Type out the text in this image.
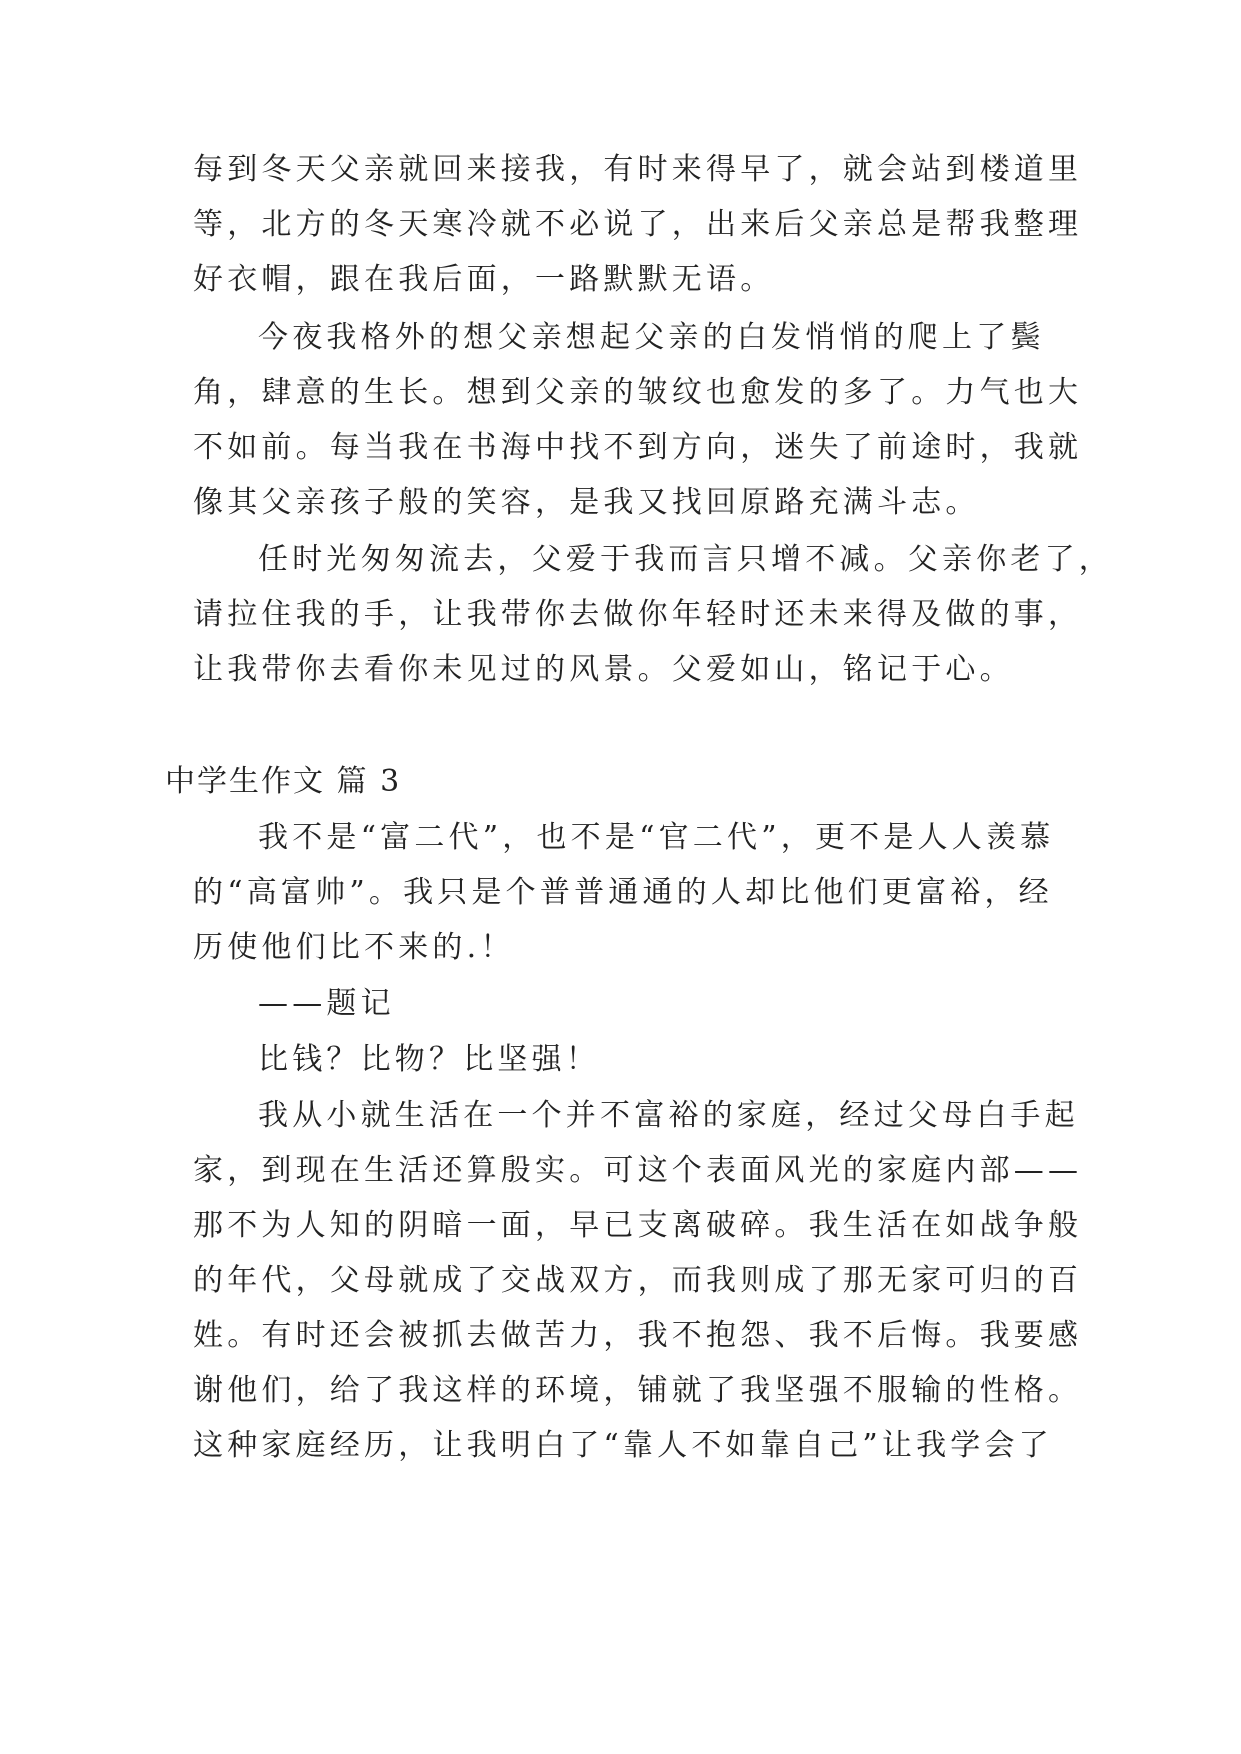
每到冬天父亲就回来接我，有时来得早了，就会站到楼道里
等，北方的冬天寒冷就不必说了，出来后父亲总是帮我整理
好衣帽，跟在我后面，一路默默无语。
今夜我格外的想父亲想起父亲的白发悄悄的爬上了鬓
角，肆意的生长。想到父亲的皱纹也愈发的多了。力气也大
不如前。每当我在书海中找不到方向，迷失了前途时，我就
像其父亲孩子般的笑容，是我又找回原路充满斗志。
任时光匆匆流去，父爱于我而言只增不减。父亲你老了，
请拉住我的手，让我带你去做你年轻时还未来得及做的事，
让我带你去看你未见过的风景。父爱如山，铭记于心。
中学生作文 篇 3
我不是“富二代”，也不是“官二代”，更不是人人羡慕
的“高富帅”。我只是个普普通通的人却比他们更富裕，经
历使他们比不来的.！
——题记
比钱？比物？比坚强！
我从小就生活在一个并不富裕的家庭，经过父母白手起
家，到现在生活还算殷实。可这个表面风光的家庭内部——
那不为人知的阴暗一面，早已支离破碎。我生活在如战争般
的年代，父母就成了交战双方，而我则成了那无家可归的百
姓。有时还会被抓去做苦力，我不抱怨、我不后悔。我要感
谢他们，给了我这样的环境，铺就了我坚强不服输的性格。
这种家庭经历，让我明白了“靠人不如靠自己”让我学会了
